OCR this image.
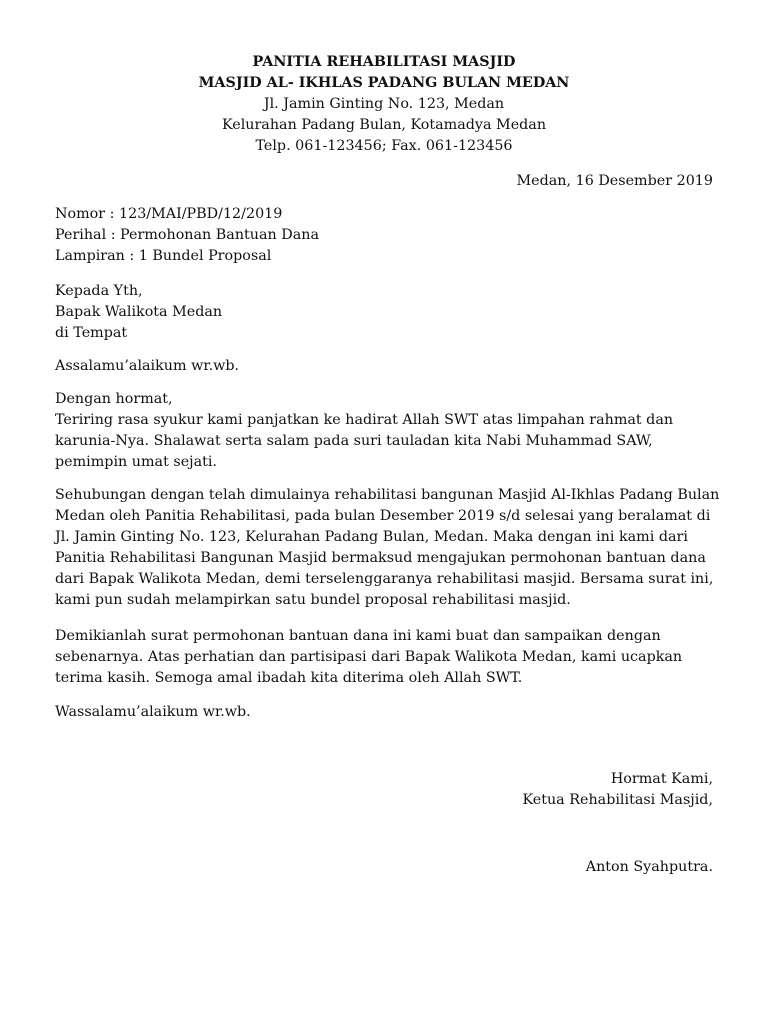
PANITIA REHABILITASI MASJID
MASJID AL- IKHLAS PADANG BULAN MEDAN
Jl. Jamin Ginting No. 123, Medan
Kelurahan Padang Bulan, Kotamadya Medan
Telp. 061-123456; Fax. 061-123456
Medan, 16 Desember 2019
Nomor : 123/MAI/PBD/12/2019
Perihal : Permohonan Bantuan Dana
Lampiran : 1 Bundel Proposal
Kepada Yth,
Bapak Walikota Medan
di Tempat
Assalamu’alaikum wr.wb.
Dengan hormat,
Teriring rasa syukur kami panjatkan ke hadirat Allah SWT atas limpahan rahmat dan
karunia-Nya. Shalawat serta salam pada suri tauladan kita Nabi Muhammad SAW,
pemimpin umat sejati.
Sehubungan dengan telah dimulainya rehabilitasi bangunan Masjid Al-Ikhlas Padang Bulan
Medan oleh Panitia Rehabilitasi, pada bulan Desember 2019 s/d selesai yang beralamat di
Jl. Jamin Ginting No. 123, Kelurahan Padang Bulan, Medan. Maka dengan ini kami dari
Panitia Rehabilitasi Bangunan Masjid bermaksud mengajukan permohonan bantuan dana
dari Bapak Walikota Medan, demi terselenggaranya rehabilitasi masjid. Bersama surat ini,
kami pun sudah melampirkan satu bundel proposal rehabilitasi masjid.
Demikianlah surat permohonan bantuan dana ini kami buat dan sampaikan dengan
sebenarnya. Atas perhatian dan partisipasi dari Bapak Walikota Medan, kami ucapkan
terima kasih. Semoga amal ibadah kita diterima oleh Allah SWT.
Wassalamu’alaikum wr.wb.
Hormat Kami,
Ketua Rehabilitasi Masjid,
Anton Syahputra.
